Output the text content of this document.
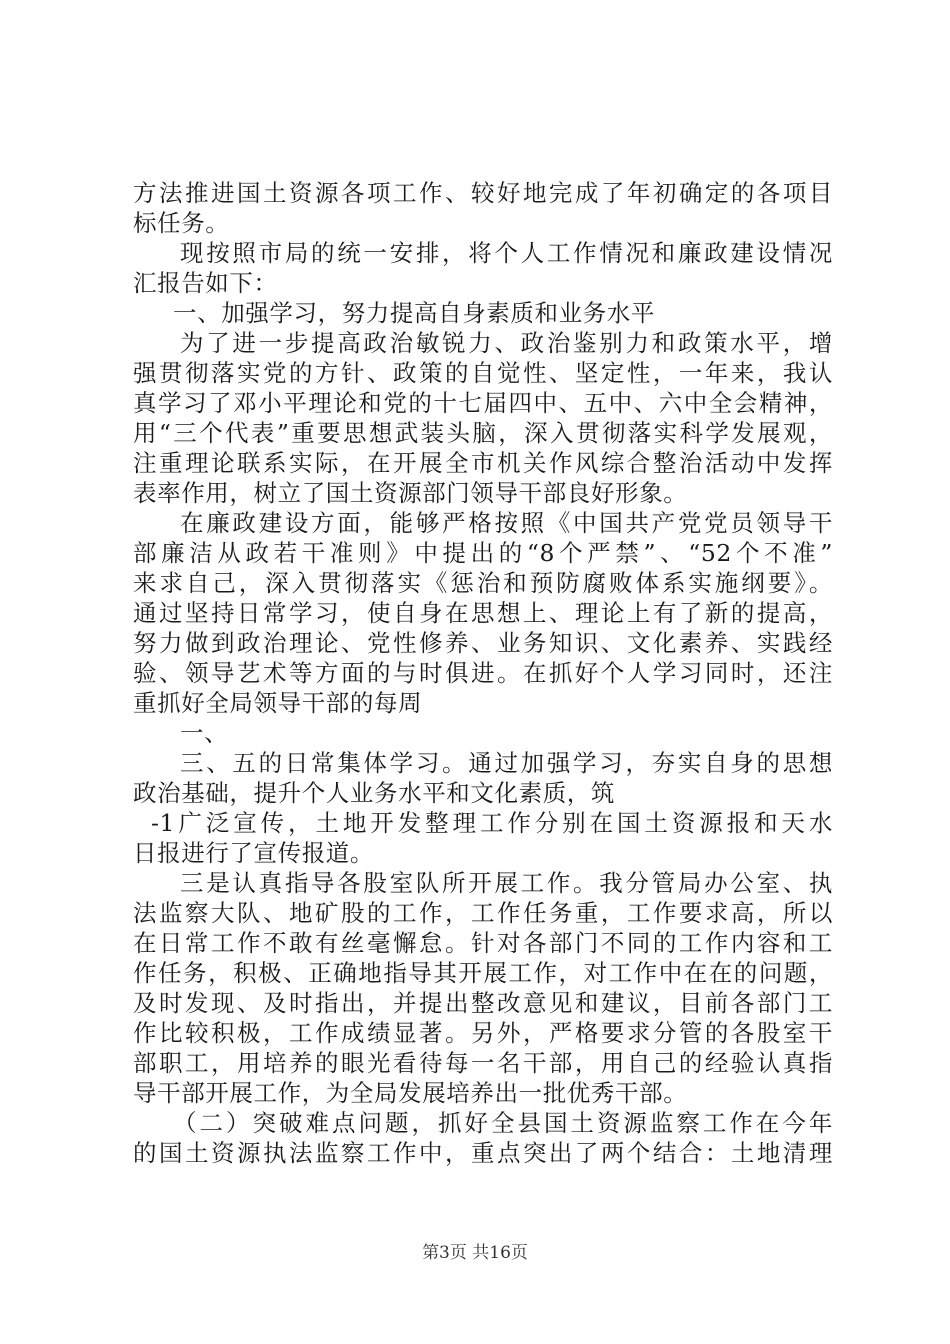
方法推进国土资源各项工作、较好地完成了年初确定的各项目
标任务。
现按照市局的统一安排，将个人工作情况和廉政建设情况
汇报告如下：
一、加强学习，努力提高自身素质和业务水平
为了进一步提高政治敏锐力、政治鉴别力和政策水平，增
强贯彻落实党的方针、政策的自觉性、坚定性，一年来，我认
真学习了邓小平理论和党的十七届四中、五中、六中全会精神，
用“三个代表”重要思想武装头脑，深入贯彻落实科学发展观，
注重理论联系实际，在开展全市机关作风综合整治活动中发挥
表率作用，树立了国土资源部门领导干部良好形象。
在廉政建设方面，能够严格按照《中国共产党党员领导干
部廉洁从政若干准则》中提出的“8个严禁”、“52个不准”
来求自己，深入贯彻落实《惩治和预防腐败体系实施纲要》。
通过坚持日常学习，使自身在思想上、理论上有了新的提高，
努力做到政治理论、党性修养、业务知识、文化素养、实践经
验、领导艺术等方面的与时俱进。在抓好个人学习同时，还注
重抓好全局领导干部的每周
一、
三、五的日常集体学习。通过加强学习，夯实自身的思想
政治基础，提升个人业务水平和文化素质，筑
-1广泛宣传，土地开发整理工作分别在国土资源报和天水
日报进行了宣传报道。
三是认真指导各股室队所开展工作。我分管局办公室、执
法监察大队、地矿股的工作，工作任务重，工作要求高，所以
在日常工作不敢有丝毫懈怠。针对各部门不同的工作内容和工
作任务，积极、正确地指导其开展工作，对工作中在在的问题，
及时发现、及时指出，并提出整改意见和建议，目前各部门工
作比较积极，工作成绩显著。另外，严格要求分管的各股室干
部职工，用培养的眼光看待每一名干部，用自己的经验认真指
导干部开展工作，为全局发展培养出一批优秀干部。
（二）突破难点问题，抓好全县国土资源监察工作在今年
的国土资源执法监察工作中，重点突出了两个结合：土地清理
第3页 共16页
